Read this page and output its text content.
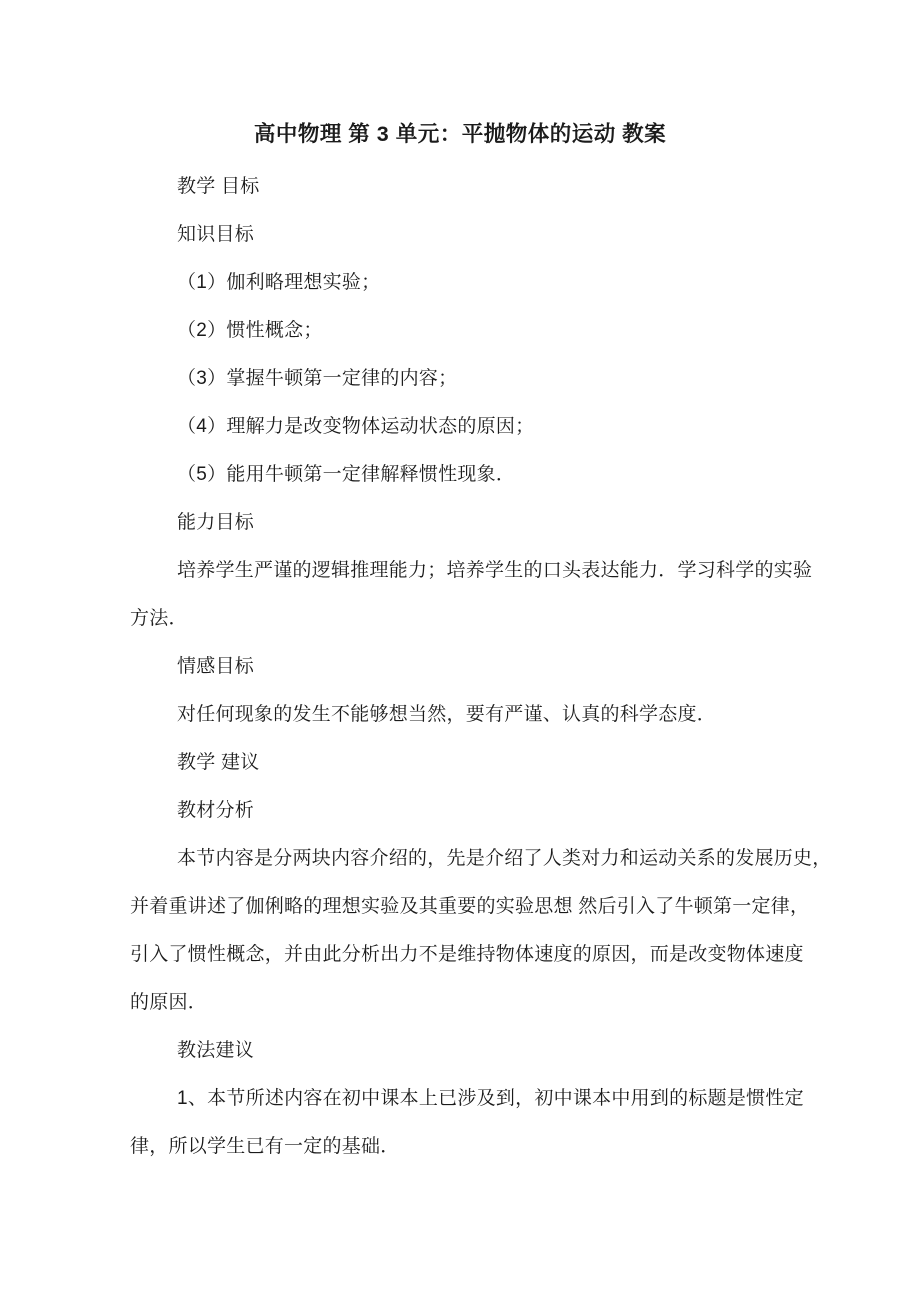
高中物理 第 3 单元：平抛物体的运动 教案
教学 目标
知识目标
（1）伽利略理想实验；
（2）惯性概念；
（3）掌握牛顿第一定律的内容；
（4）理解力是改变物体运动状态的原因；
（5）能用牛顿第一定律解释惯性现象．
能力目标
培养学生严谨的逻辑推理能力；培养学生的口头表达能力．学习科学的实验
方法．
情感目标
对任何现象的发生不能够想当然，要有严谨、认真的科学态度．
教学 建议
教材分析
本节内容是分两块内容介绍的，先是介绍了人类对力和运动关系的发展历史，
并着重讲述了伽俐略的理想实验及其重要的实验思想 然后引入了牛顿第一定律，
引入了惯性概念，并由此分析出力不是维持物体速度的原因，而是改变物体速度
的原因．
教法建议
1、本节所述内容在初中课本上已涉及到，初中课本中用到的标题是惯性定
律，所以学生已有一定的基础．
